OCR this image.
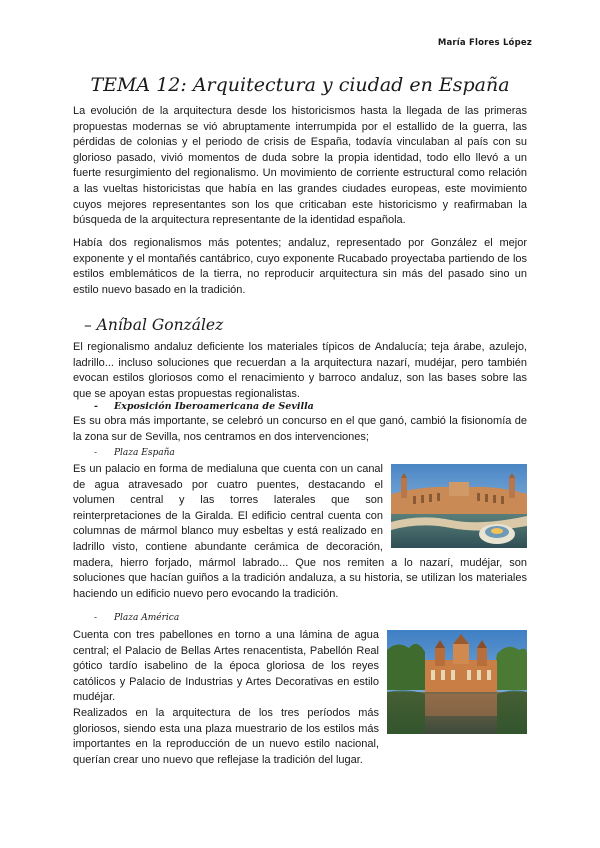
María Flores López
TEMA 12: Arquitectura y ciudad en España

La evolución de la arquitectura desde los historicismos hasta la llegada de las primeras propuestas modernas se vió abruptamente interrumpida por el estallido de la guerra, las pérdidas de colonias y el periodo de crisis de España, todavía vinculaban al país con su glorioso pasado, vivió momentos de duda sobre la propia identidad, todo ello llevó a un fuerte resurgimiento del regionalismo. Un movimiento de corriente estructural como relación a las vueltas historicistas que había en las grandes ciudades europeas, este movimiento cuyos mejores representantes son los que criticaban este historicismo y reafirmaban la búsqueda de la arquitectura representante de la identidad española.

Había dos regionalismos más potentes; andaluz, representado por González el mejor exponente y el montañés cantábrico, cuyo exponente Rucabado proyectaba partiendo de los estilos emblemáticos de la tierra, no reproducir arquitectura sin más del pasado sino un estilo nuevo basado en la tradición.

– Aníbal González

El regionalismo andaluz deficiente los materiales típicos de Andalucía; teja árabe, azulejo, ladrillo... incluso soluciones que recuerdan a la arquitectura nazarí, mudéjar, pero también evocan estilos gloriosos como el renacimiento y barroco andaluz, son las bases sobre las que se apoyan estas propuestas regionalistas.

- Exposición Iberoamericana de Sevilla

Es su obra más importante, se celebró un concurso en el que ganó, cambió la fisionomía de la zona sur de Sevilla, nos centramos en dos intervenciones;

- Plaza España

Es un palacio en forma de medialuna que cuenta con un canal de agua atravesado por cuatro puentes, destacando el volumen central y las torres laterales que son reinterpretaciones de la Giralda. El edificio central cuenta con columnas de mármol blanco muy esbeltas y está realizado en ladrillo visto, contiene abundante cerámica de decoración, madera, hierro forjado, mármol labrado... Que nos remiten a lo nazarí, mudéjar, son soluciones que hacían guiños a la tradición andaluza, a su historia, se utilizan los materiales haciendo un edificio nuevo pero evocando la tradición.

- Plaza América

Cuenta con tres pabellones en torno a una lámina de agua central; el Palacio de Bellas Artes renacentista, Pabellón Real gótico tardío isabelino de la época gloriosa de los reyes católicos y Palacio de Industrias y Artes Decorativas en estilo mudéjar.

Realizados en la arquitectura de los tres períodos más gloriosos, siendo esta una plaza muestrario de los estilos más importantes en la reproducción de un nuevo estilo nacional, querían crear uno nuevo que reflejase la tradición del lugar.
